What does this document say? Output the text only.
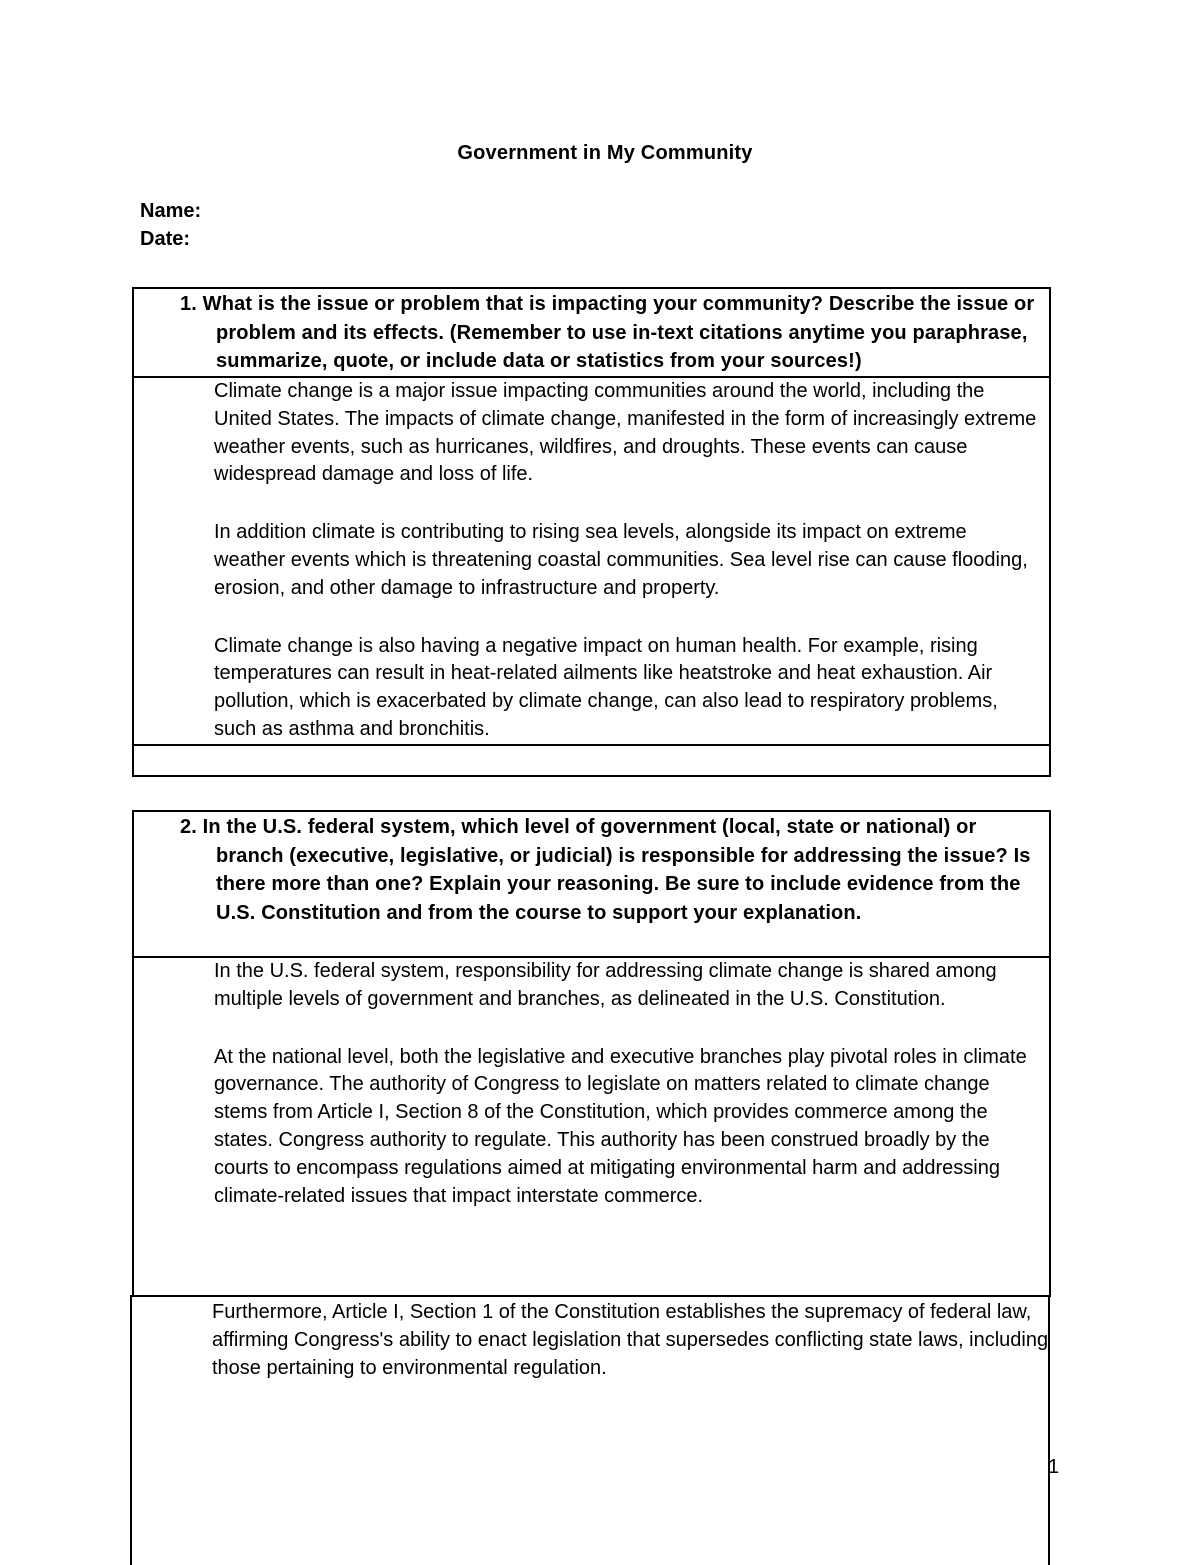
Government in My Community
Name:
Date:
1. What is the issue or problem that is impacting your community? Describe the issue or problem and its effects. (Remember to use in-text citations anytime you paraphrase, summarize, quote, or include data or statistics from your sources!)

Climate change is a major issue impacting communities around the world, including the United States. The impacts of climate change, manifested in the form of increasingly extreme weather events, such as hurricanes, wildfires, and droughts. These events can cause widespread damage and loss of life.

In addition climate is contributing to rising sea levels, alongside its impact on extreme weather events which is threatening coastal communities. Sea level rise can cause flooding, erosion, and other damage to infrastructure and property.

Climate change is also having a negative impact on human health. For example, rising temperatures can result in heat-related ailments like heatstroke and heat exhaustion. Air pollution, which is exacerbated by climate change, can also lead to respiratory problems, such as asthma and bronchitis.

2. In the U.S. federal system, which level of government (local, state or national) or branch (executive, legislative, or judicial) is responsible for addressing the issue? Is there more than one? Explain your reasoning. Be sure to include evidence from the U.S. Constitution and from the course to support your explanation.

In the U.S. federal system, responsibility for addressing climate change is shared among multiple levels of government and branches, as delineated in the U.S. Constitution.

At the national level, both the legislative and executive branches play pivotal roles in climate governance. The authority of Congress to legislate on matters related to climate change stems from Article I, Section 8 of the Constitution, which provides commerce among the states. Congress authority to regulate. This authority has been construed broadly by the courts to encompass regulations aimed at mitigating environmental harm and addressing climate-related issues that impact interstate commerce.

Furthermore, Article I, Section 1 of the Constitution establishes the supremacy of federal law, affirming Congress's ability to enact legislation that supersedes conflicting state laws, including those pertaining to environmental regulation.
1
